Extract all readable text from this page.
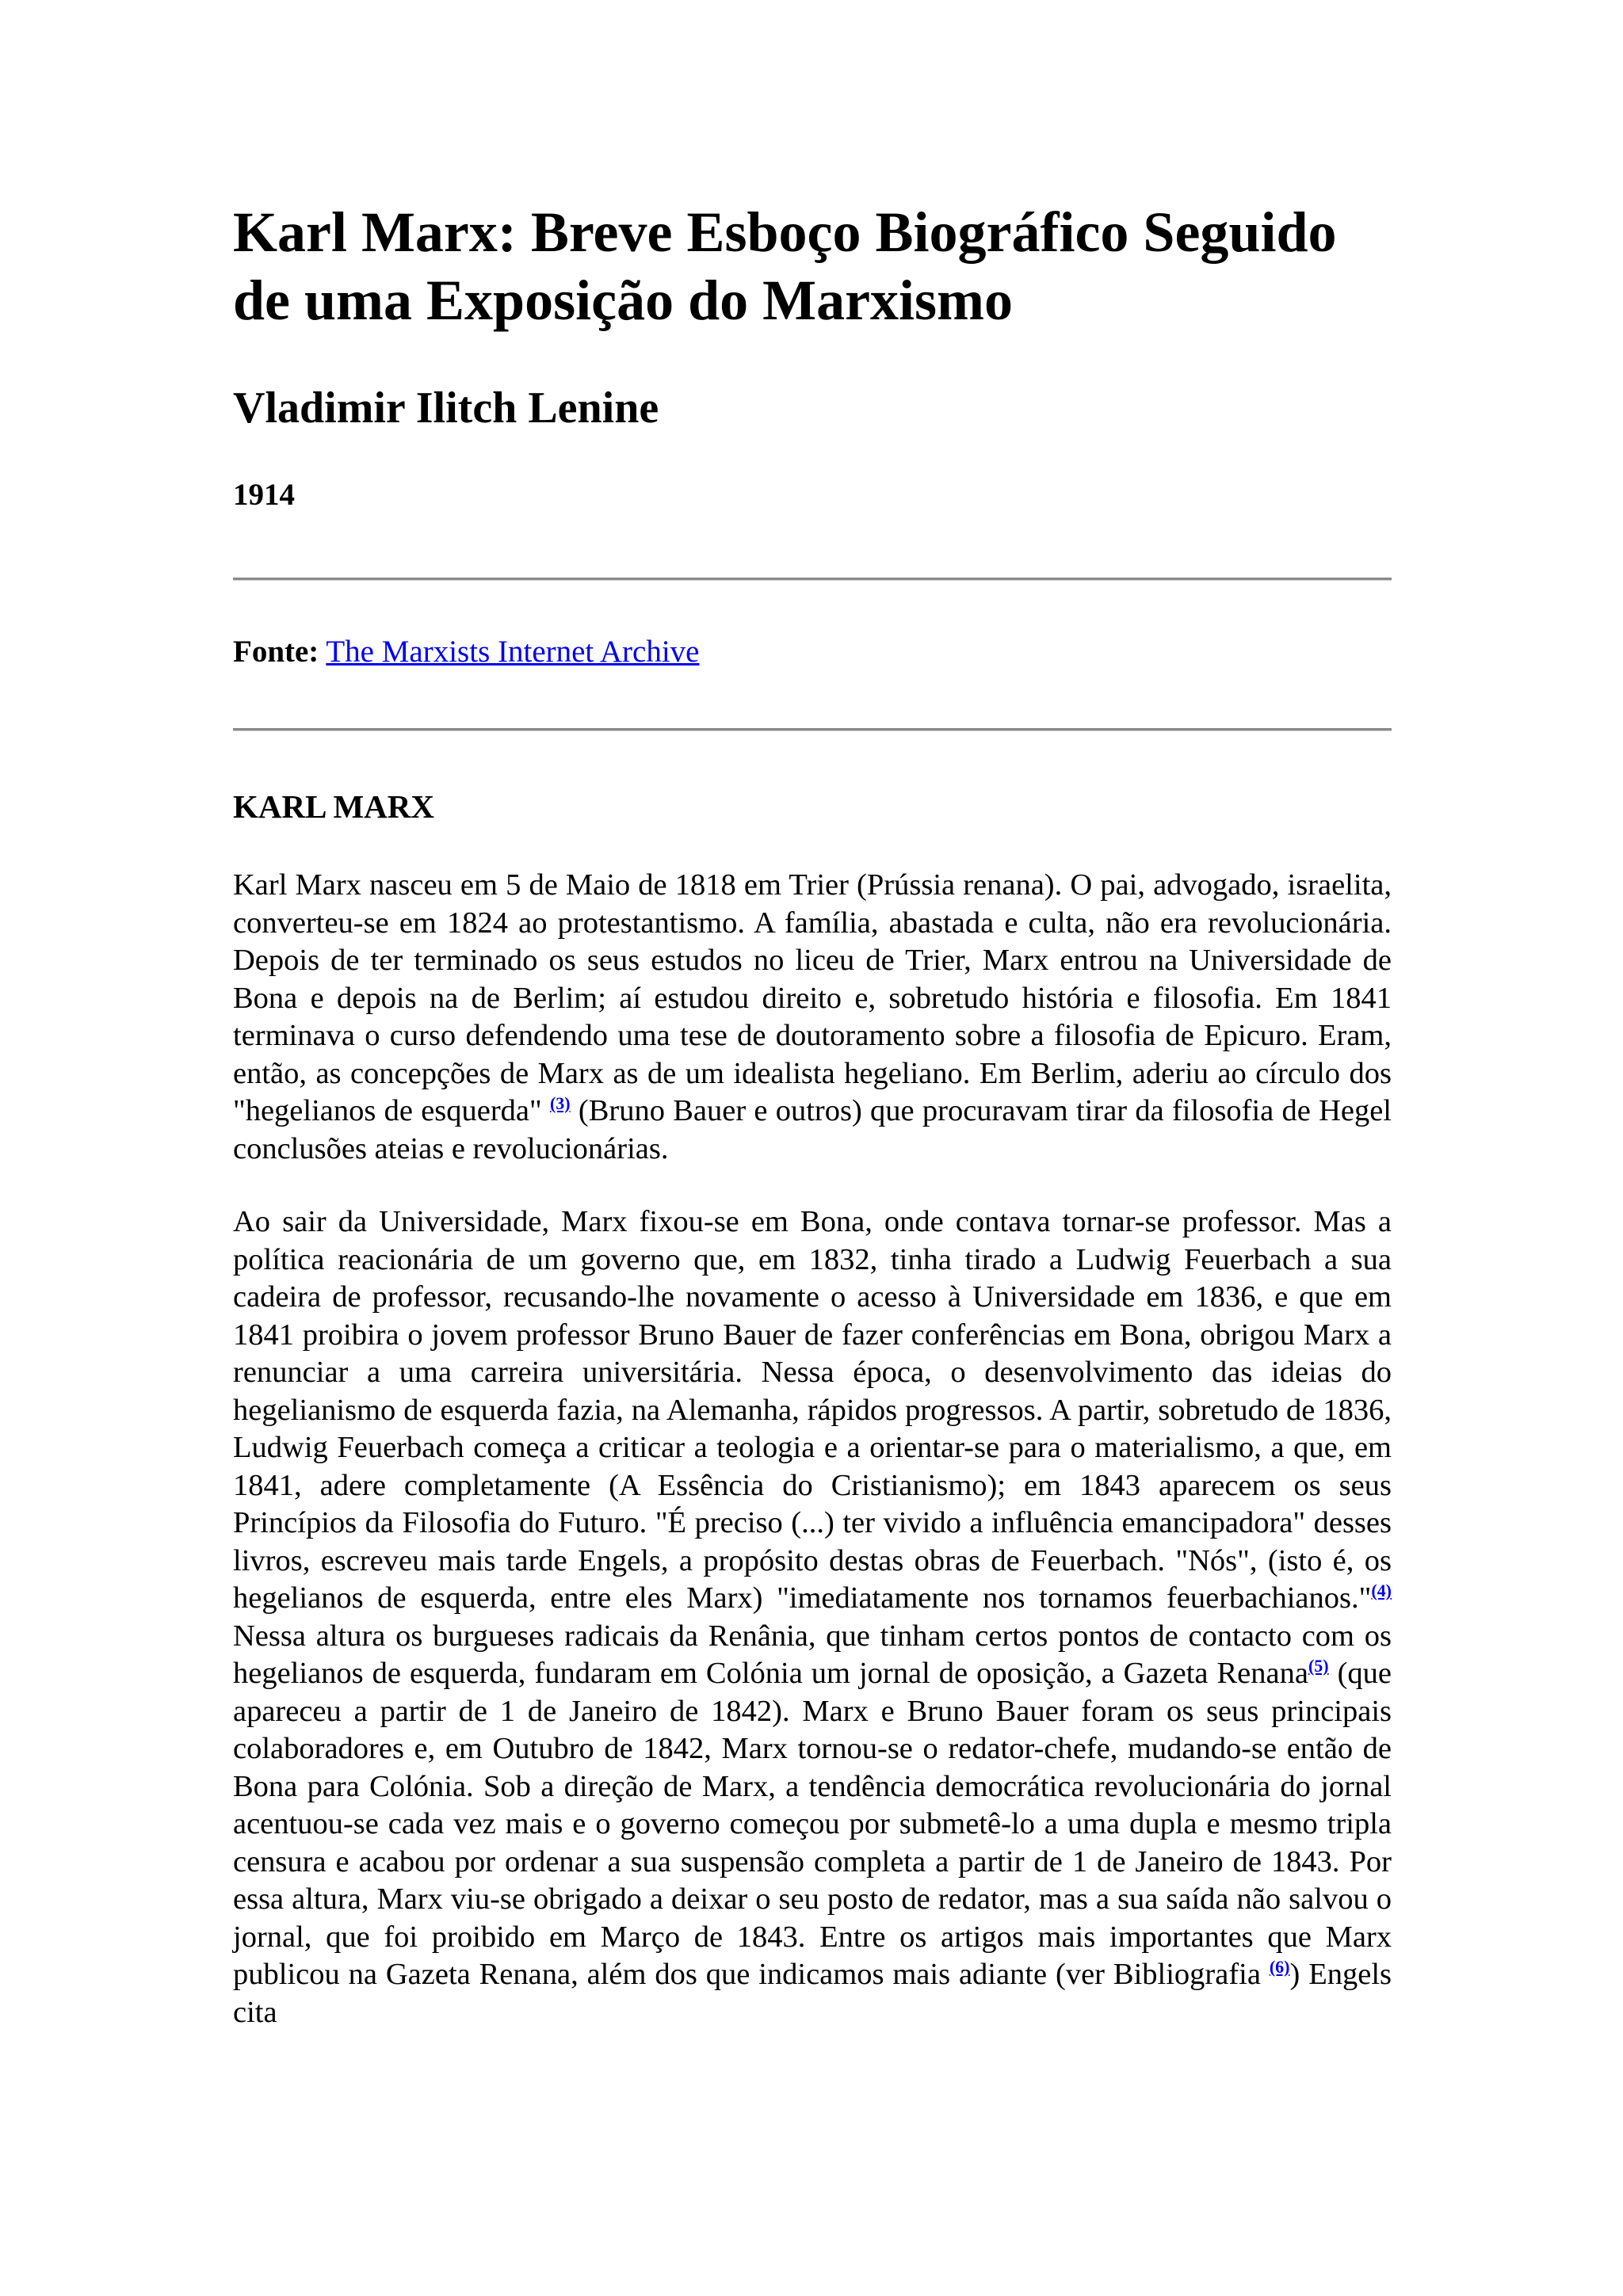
Karl Marx: Breve Esboço Biográfico Seguido de uma Exposição do Marxismo
Vladimir Ilitch Lenine
1914

Fonte: The Marxists Internet Archive

KARL MARX

Karl Marx nasceu em 5 de Maio de 1818 em Trier (Prússia renana). O pai, advogado, israelita, converteu-se em 1824 ao protestantismo. A família, abastada e culta, não era revolucionária. Depois de ter terminado os seus estudos no liceu de Trier, Marx entrou na Universidade de Bona e depois na de Berlim; aí estudou direito e, sobretudo história e filosofia. Em 1841 terminava o curso defendendo uma tese de doutoramento sobre a filosofia de Epicuro. Eram, então, as concepções de Marx as de um idealista hegeliano. Em Berlim, aderiu ao círculo dos "hegelianos de esquerda" $^{(3)}$ (Bruno Bauer e outros) que procuravam tirar da filosofia de Hegel conclusões ateias e revolucionárias.

Ao sair da Universidade, Marx fixou-se em Bona, onde contava tornar-se professor. Mas a política reacionária de um governo que, em 1832, tinha tirado a Ludwig Feuerbach a sua cadeira de professor, recusando-lhe novamente o acesso à Universidade em 1836, e que em 1841 proibira o jovem professor Bruno Bauer de fazer conferências em Bona, obrigou Marx a renunciar a uma carreira universitária. Nessa época, o desenvolvimento das ideias do hegelianismo de esquerda fazia, na Alemanha, rápidos progressos. A partir, sobretudo de 1836, Ludwig Feuerbach começa a criticar a teologia e a orientar-se para o materialismo, a que, em 1841, adere completamente (A Essência do Cristianismo); em 1843 aparecem os seus Princípios da Filosofia do Futuro. "É preciso (...) ter vivido a influência emancipadora" desses livros, escreveu mais tarde Engels, a propósito destas obras de Feuerbach. "Nós", (isto é, os hegelianos de esquerda, entre eles Marx) "imediatamente nos tornamos feuerbachianos."$^{(4)}$ Nessa altura os burgueses radicais da Renânia, que tinham certos pontos de contacto com os hegelianos de esquerda, fundaram em Colónia um jornal de oposição, a Gazeta Renana$^{(5)}$ (que apareceu a partir de 1 de Janeiro de 1842). Marx e Bruno Bauer foram os seus principais colaboradores e, em Outubro de 1842, Marx tornou-se o redator-chefe, mudando-se então de Bona para Colónia. Sob a direção de Marx, a tendência democrática revolucionária do jornal acentuou-se cada vez mais e o governo começou por submetê-lo a uma dupla e mesmo tripla censura e acabou por ordenar a sua suspensão completa a partir de 1 de Janeiro de 1843. Por essa altura, Marx viu-se obrigado a deixar o seu posto de redator, mas a sua saída não salvou o jornal, que foi proibido em Março de 1843. Entre os artigos mais importantes que Marx publicou na Gazeta Renana, além dos que indicamos mais adiante (ver Bibliografia $^{(6)}$) Engels cita
